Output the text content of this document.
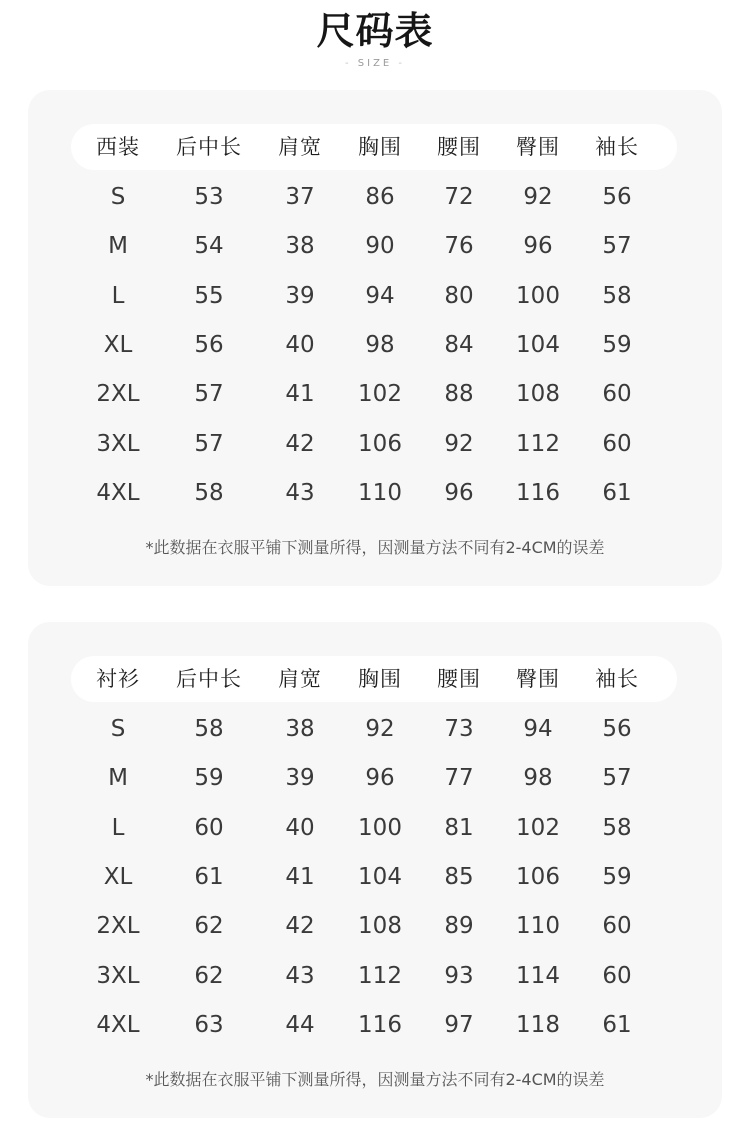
尺码表
- SIZE -
西装	后中长	肩宽	胸围	腰围	臀围	袖长
S	53	37	86	72	92	56
M	54	38	90	76	96	57
L	55	39	94	80	100	58
XL	56	40	98	84	104	59
2XL	57	41	102	88	108	60
3XL	57	42	106	92	112	60
4XL	58	43	110	96	116	61
*此数据在衣服平铺下测量所得，因测量方法不同有2-4CM的误差
衬衫	后中长	肩宽	胸围	腰围	臀围	袖长
S	58	38	92	73	94	56
M	59	39	96	77	98	57
L	60	40	100	81	102	58
XL	61	41	104	85	106	59
2XL	62	42	108	89	110	60
3XL	62	43	112	93	114	60
4XL	63	44	116	97	118	61
*此数据在衣服平铺下测量所得，因测量方法不同有2-4CM的误差
